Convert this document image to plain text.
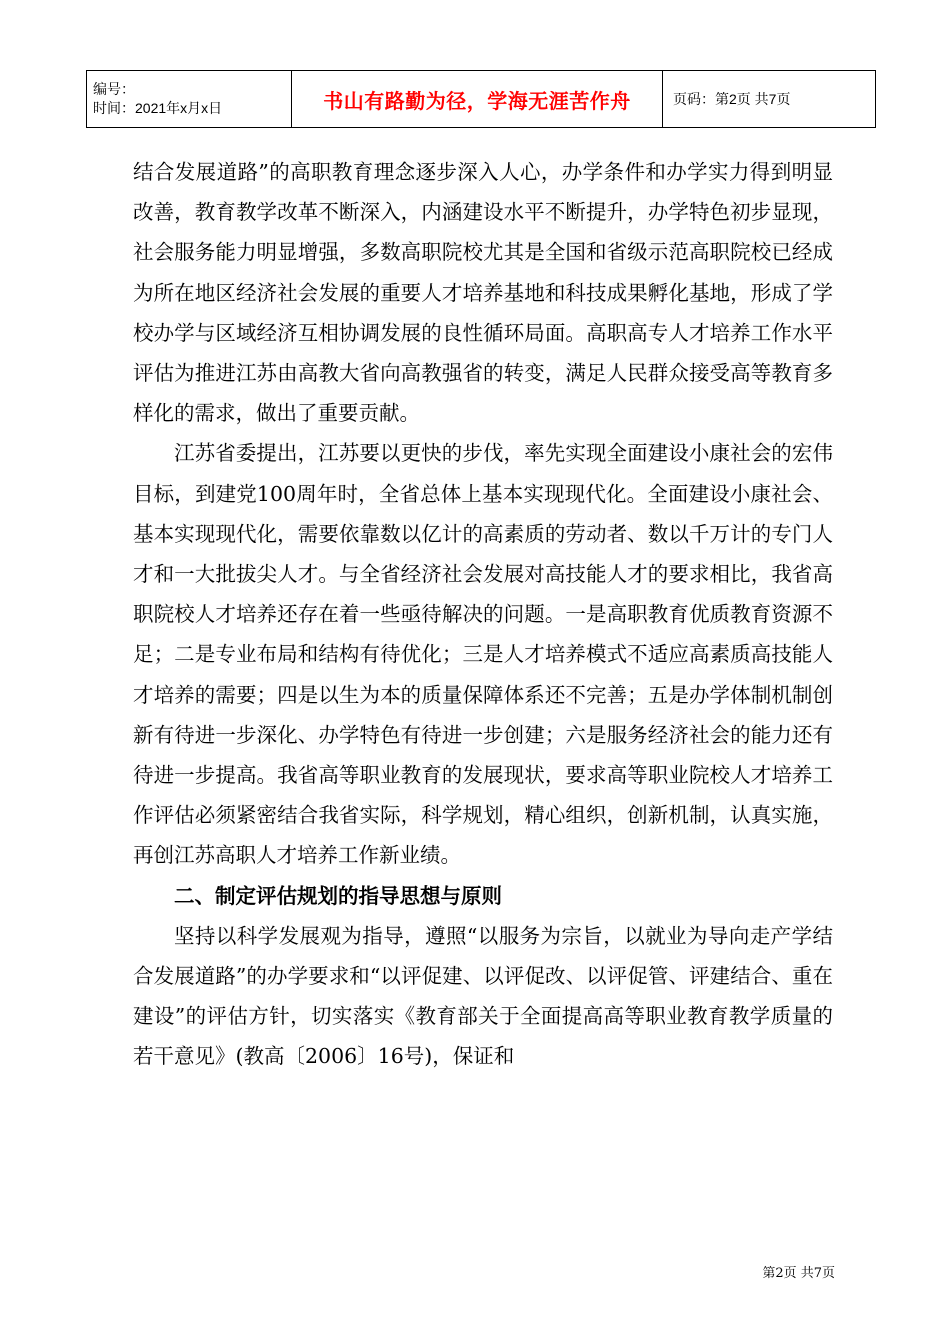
编号：
时间：2021年x月x日	书山有路勤为径，学海无涯苦作舟	页码：第2页 共7页

结合发展道路”的高职教育理念逐步深入人心，办学条件和办学实力得到明显改善，教育教学改革不断深入，内涵建设水平不断提升，办学特色初步显现，社会服务能力明显增强，多数高职院校尤其是全国和省级示范高职院校已经成为所在地区经济社会发展的重要人才培养基地和科技成果孵化基地，形成了学校办学与区域经济互相协调发展的良性循环局面。高职高专人才培养工作水平评估为推进江苏由高教大省向高教强省的转变，满足人民群众接受高等教育多样化的需求，做出了重要贡献。

江苏省委提出，江苏要以更快的步伐，率先实现全面建设小康社会的宏伟目标，到建党100周年时，全省总体上基本实现现代化。全面建设小康社会、基本实现现代化，需要依靠数以亿计的高素质的劳动者、数以千万计的专门人才和一大批拔尖人才。与全省经济社会发展对高技能人才的要求相比，我省高职院校人才培养还存在着一些亟待解决的问题。一是高职教育优质教育资源不足；二是专业布局和结构有待优化；三是人才培养模式不适应高素质高技能人才培养的需要；四是以生为本的质量保障体系还不完善；五是办学体制机制创新有待进一步深化、办学特色有待进一步创建；六是服务经济社会的能力还有待进一步提高。我省高等职业教育的发展现状，要求高等职业院校人才培养工作评估必须紧密结合我省实际，科学规划，精心组织，创新机制，认真实施，再创江苏高职人才培养工作新业绩。

二、制定评估规划的指导思想与原则

坚持以科学发展观为指导，遵照“以服务为宗旨，以就业为导向走产学结合发展道路”的办学要求和“以评促建、以评促改、以评促管、评建结合、重在建设”的评估方针，切实落实《教育部关于全面提高高等职业教育教学质量的若干意见》(教高〔2006〕16号)，保证和

第2页 共7页
